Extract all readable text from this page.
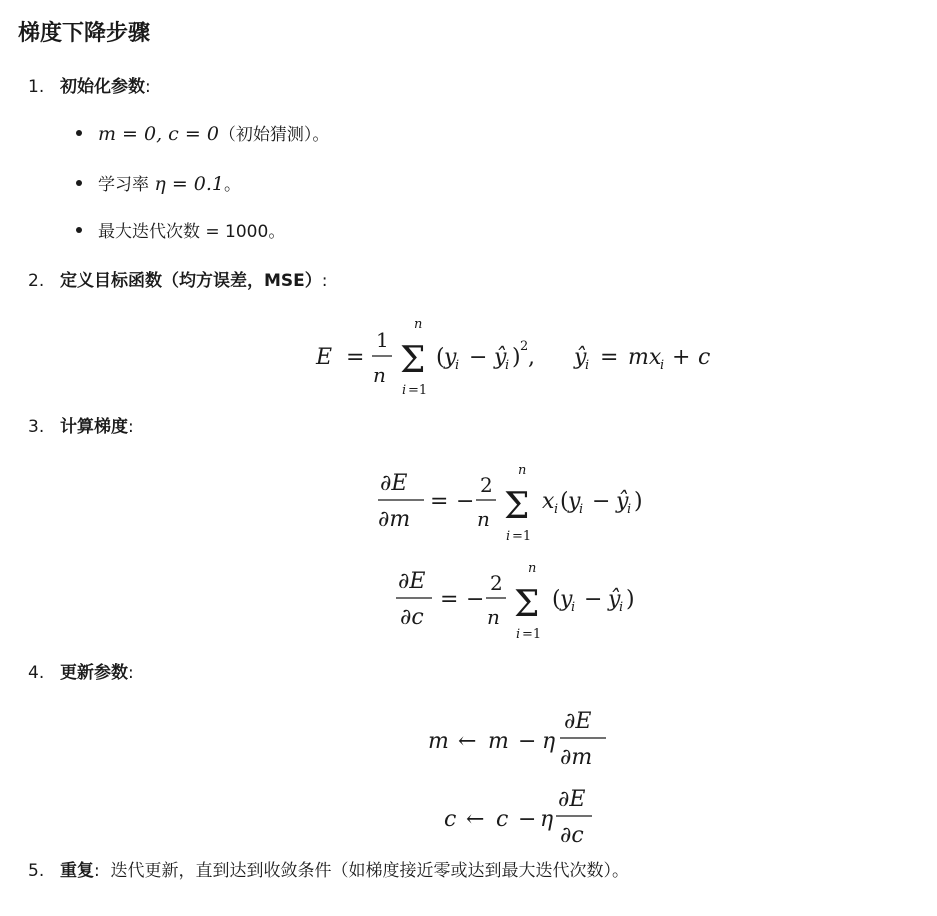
梯度下降步骤
1. 初始化参数:
m = 0, c = 0（初始猜测）。
学习率 η = 0.1。
最大迭代次数 = 1000。
2. 定义目标函数（均方误差，MSE）:
E =
1
n
n
Σ
i =1
( y
i − ŷ
i ) 2 , ŷ
i = mx
i + c
3. 计算梯度:
∂E
∂m
= −
2
n
n
Σ
i =1
x i ( y
i − ŷ
i )
∂E
∂c
= −
2
n
n
Σ
i =1
( y
i − ŷ
i )
4. 更新参数:
m ← m − η
∂E
∂m
c ← c − η
∂E
∂c
5. 重复: 迭代更新，直到达到收敛条件（如梯度接近零或达到最大迭代次数）。
